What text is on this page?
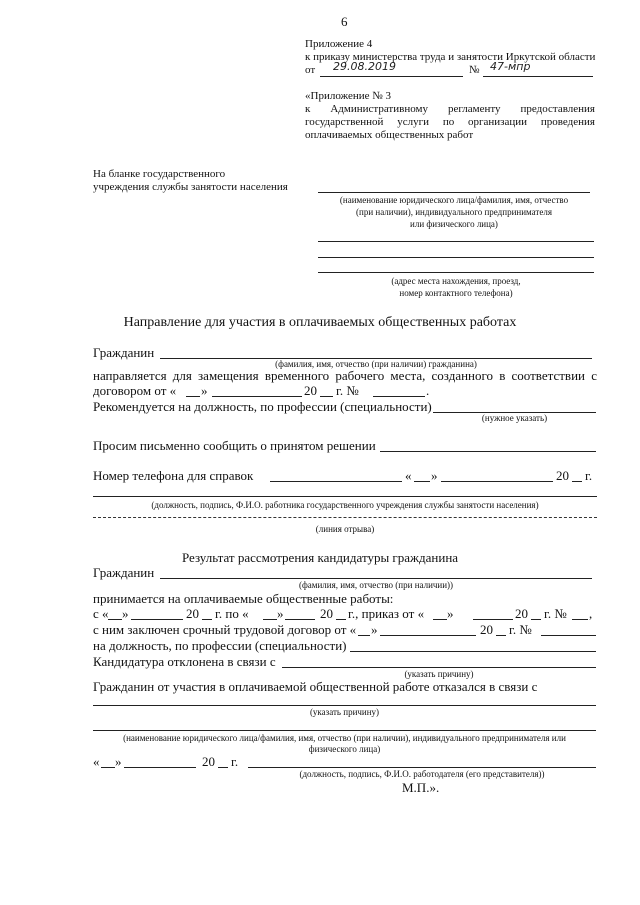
6
Приложение 4
к приказу министерства труда и занятости Иркутской области
от 29.08.2019	№ 47-мпр
«Приложение № 3
к Административному регламенту предоставления
государственной услуги по организации проведения
оплачиваемых общественных работ
На бланке государственного
учреждения службы занятости населения
(наименование юридического лица/фамилия, имя, отчество
(при наличии), индивидуального предпринимателя
или физического лица)
(адрес места нахождения, проезд,
номер контактного телефона)
Направление для участия в оплачиваемых общественных работах
Гражданин
(фамилия, имя, отчество (при наличии) гражданина)
направляется для замещения временного рабочего места, созданного в соответствии с
договором от « »	20 г. №	.
Рекомендуется на должность, по профессии (специальности)
(нужное указать)
Просим письменно сообщить о принятом решении
Номер телефона для справок	« »	20 г.
(должность, подпись, Ф.И.О. работника государственного учреждения службы занятости населения)
(линия отрыва)
Результат рассмотрения кандидатуры гражданина
Гражданин
(фамилия, имя, отчество (при наличии))
принимается на оплачиваемые общественные работы:
с « »	20 г. по « »	20 г., приказ от « »	20 г. № ,
с ним заключен срочный трудовой договор от « »	20 г. №
на должность, по профессии (специальности)
Кандидатура отклонена в связи с
(указать причину)
Гражданин от участия в оплачиваемой общественной работе отказался в связи с
(указать причину)
(наименование юридического лица/фамилия, имя, отчество (при наличии), индивидуального предпринимателя или
физического лица)
« »	20 г.
(должность, подпись, Ф.И.О. работодателя (его представителя))
М.П.».
